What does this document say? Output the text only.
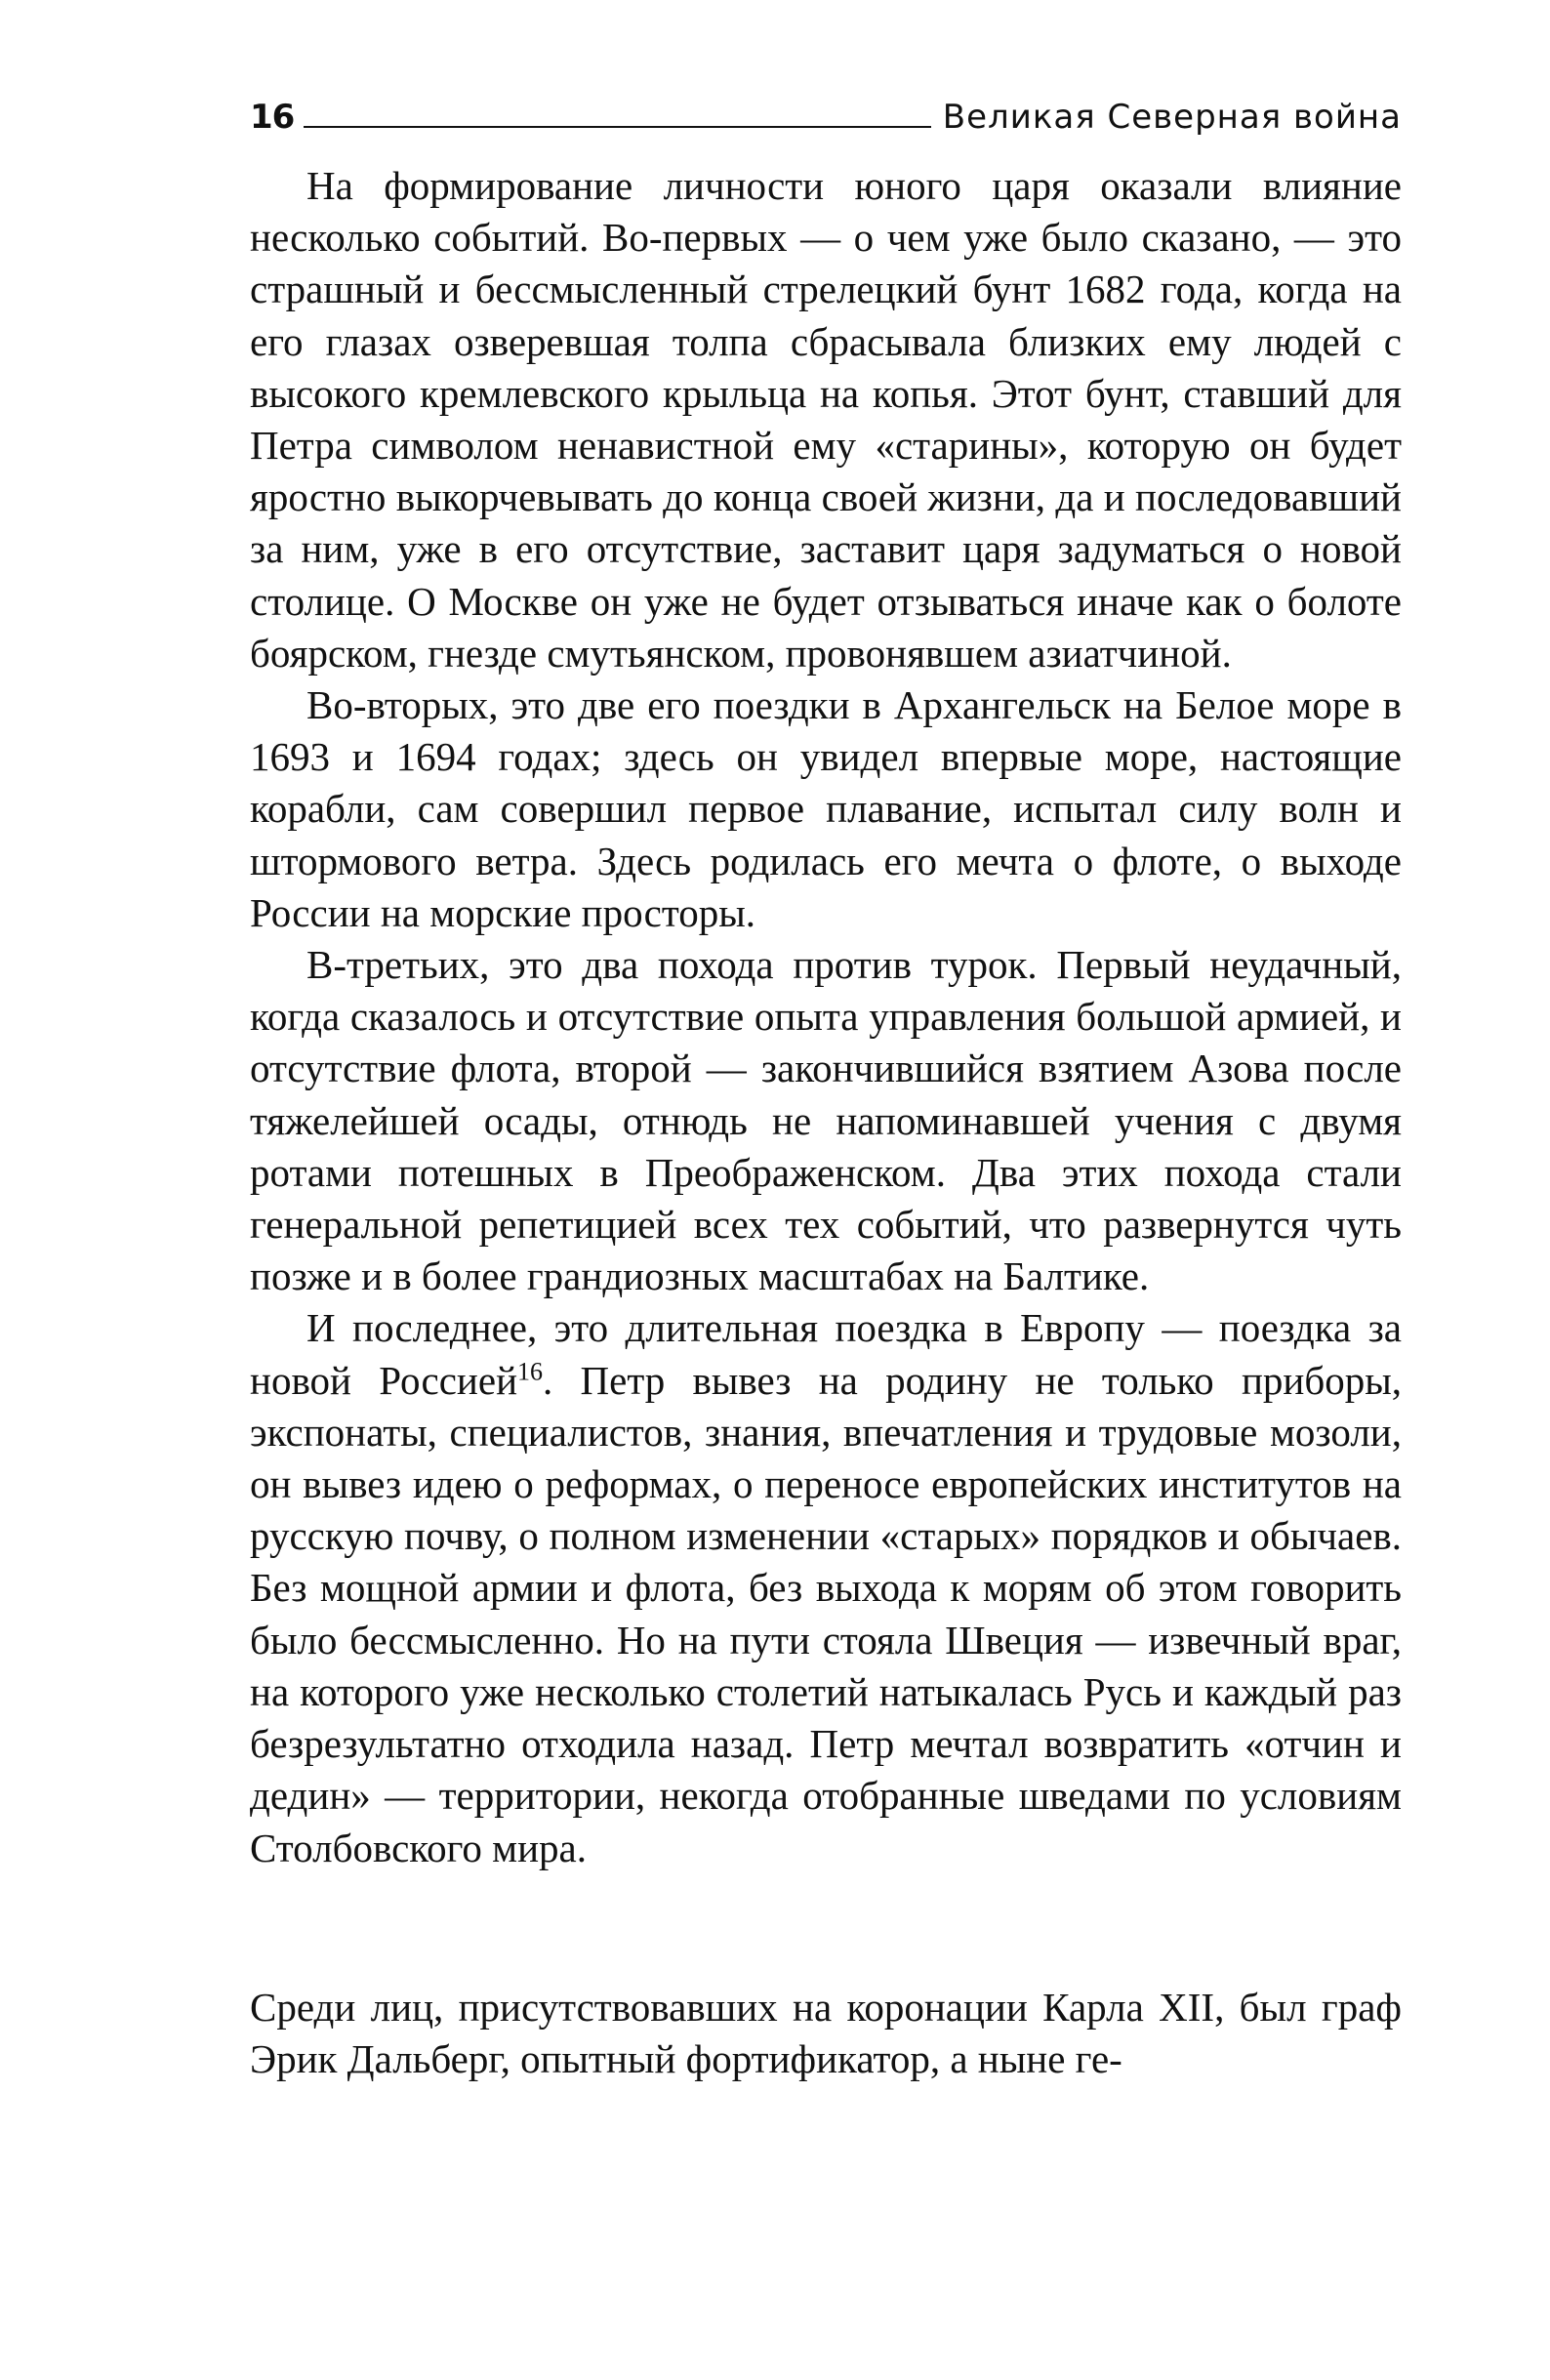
16	Великая Северная война

На формирование личности юного царя оказали влияние несколько событий. Во-первых — о чем уже было сказано, — это страшный и бессмысленный стрелецкий бунт 1682 года, когда на его глазах озверевшая толпа сбрасывала близких ему людей с высокого кремлевского крыльца на копья. Этот бунт, ставший для Петра символом ненавистной ему «старины», которую он будет яростно выкорчевывать до конца своей жизни, да и последовавший за ним, уже в его отсутствие, заставит царя задуматься о новой столице. О Москве он уже не будет отзываться иначе как о болоте боярском, гнезде смутьянском, провонявшем азиатчиной.

Во-вторых, это две его поездки в Архангельск на Белое море в 1693 и 1694 годах; здесь он увидел впервые море, настоящие корабли, сам совершил первое плавание, испытал силу волн и штормового ветра. Здесь родилась его мечта о флоте, о выходе России на морские просторы.

В-третьих, это два похода против турок. Первый неудачный, когда сказалось и отсутствие опыта управления большой армией, и отсутствие флота, второй — закончившийся взятием Азова после тяжелейшей осады, отнюдь не напоминавшей учения с двумя ротами потешных в Преображенском. Два этих похода стали генеральной репетицией всех тех событий, что развернутся чуть позже и в более грандиозных масштабах на Балтике.

И последнее, это длительная поездка в Европу — поездка за новой Россией$^{16}$. Петр вывез на родину не только приборы, экспонаты, специалистов, знания, впечатления и трудовые мозоли, он вывез идею о реформах, о переносе европейских институтов на русскую почву, о полном изменении «старых» порядков и обычаев. Без мощной армии и флота, без выхода к морям об этом говорить было бессмысленно. Но на пути стояла Швеция — извечный враг, на которого уже несколько столетий натыкалась Русь и каждый раз безрезультатно отходила назад. Петр мечтал возвратить «отчин и дедин» — территории, некогда отобранные шведами по условиям Столбовского мира.

Среди лиц, присутствовавших на коронации Карла XII, был граф Эрик Дальберг, опытный фортификатор, а ныне ге-
